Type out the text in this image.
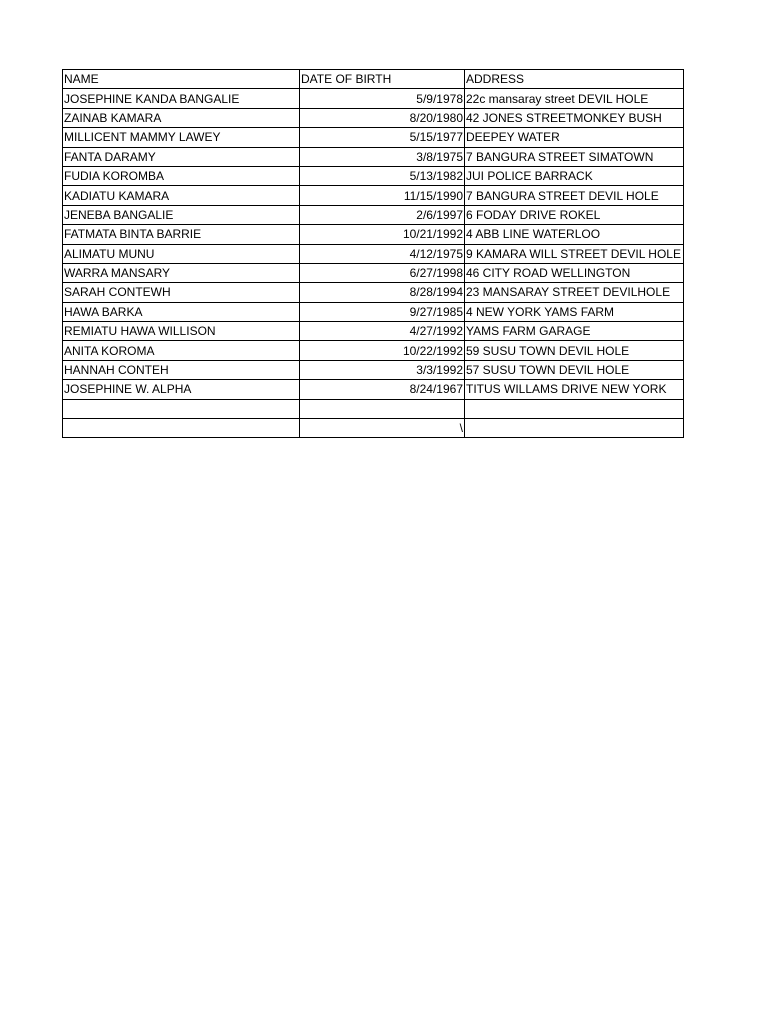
NAME	DATE OF BIRTH	ADDRESS
JOSEPHINE KANDA BANGALIE	5/9/1978	22c mansaray street DEVIL HOLE
ZAINAB KAMARA	8/20/1980	42 JONES STREETMONKEY BUSH
MILLICENT MAMMY LAWEY	5/15/1977	DEEPEY WATER
FANTA DARAMY	3/8/1975	7 BANGURA STREET SIMATOWN
FUDIA KOROMBA	5/13/1982	JUI POLICE BARRACK
KADIATU KAMARA	11/15/1990	7 BANGURA STREET DEVIL HOLE
JENEBA BANGALIE	2/6/1997	6 FODAY DRIVE ROKEL
FATMATA BINTA BARRIE	10/21/1992	4 ABB LINE WATERLOO
ALIMATU MUNU	4/12/1975	9 KAMARA WILL STREET DEVIL HOLE
WARRA MANSARY	6/27/1998	46 CITY ROAD WELLINGTON
SARAH CONTEWH	8/28/1994	23 MANSARAY STREET DEVILHOLE
HAWA BARKA	9/27/1985	4 NEW YORK YAMS FARM
REMIATU HAWA WILLISON	4/27/1992	YAMS FARM GARAGE
ANITA KOROMA	10/22/1992	59 SUSU TOWN DEVIL HOLE
HANNAH CONTEH	3/3/1992	57 SUSU TOWN DEVIL HOLE
JOSEPHINE W. ALPHA	8/24/1967	TITUS WILLAMS DRIVE NEW YORK

	\	
